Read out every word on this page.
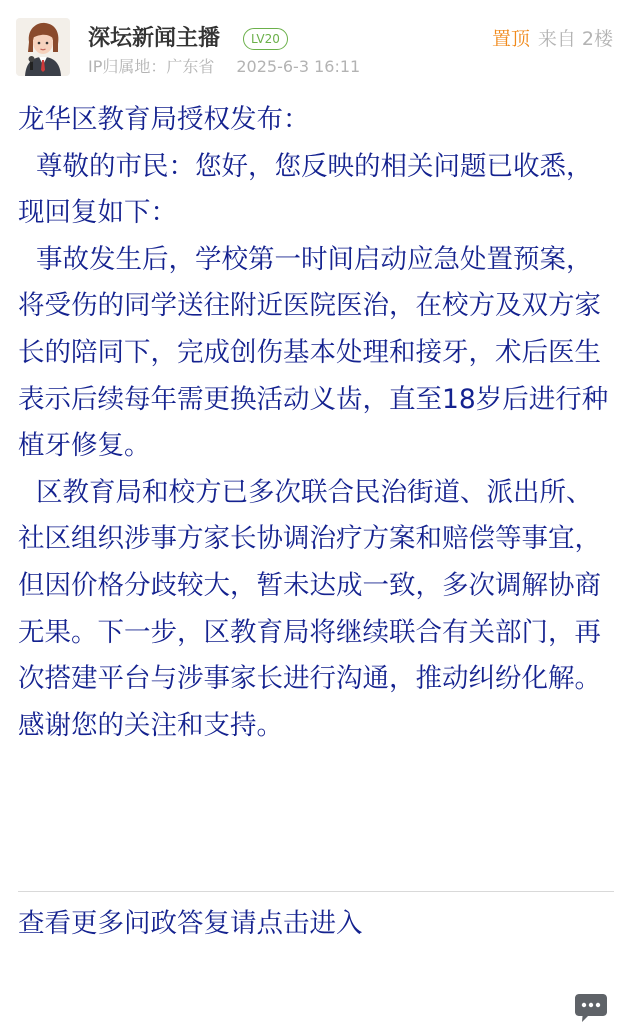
深坛新闻主播	LV20
IP归属地：广东省 2025-6-3 16:11
置顶 来自 2楼

龙华区教育局授权发布：

尊敬的市民：您好，您反映的相关问题已收悉，现回复如下：

事故发生后，学校第一时间启动应急处置预案，将受伤的同学送往附近医院医治，在校方及双方家长的陪同下，完成创伤基本处理和接牙，术后医生表示后续每年需更换活动义齿，直至18岁后进行种植牙修复。

区教育局和校方已多次联合民治街道、派出所、社区组织涉事方家长协调治疗方案和赔偿等事宜，但因价格分歧较大，暂未达成一致，多次调解协商无果。下一步，区教育局将继续联合有关部门，再次搭建平台与涉事家长进行沟通，推动纠纷化解。感谢您的关注和支持。

查看更多问政答复请点击进入
